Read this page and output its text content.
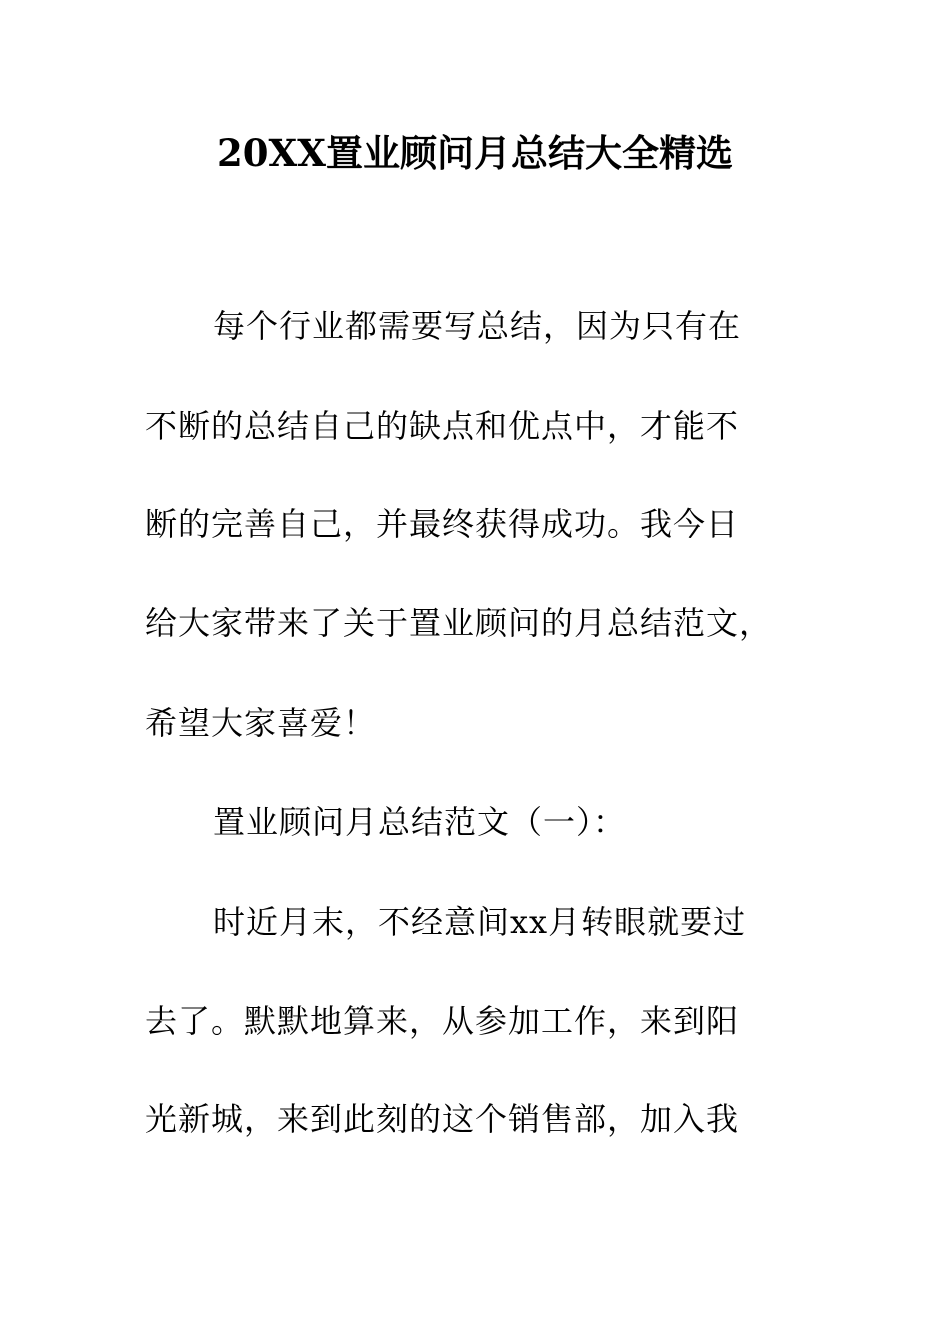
20XX置业顾问月总结大全精选
每个行业都需要写总结，因为只有在
不断的总结自己的缺点和优点中，才能不
断的完善自己，并最终获得成功。我今日
给大家带来了关于置业顾问的月总结范文，
希望大家喜爱！
置业顾问月总结范文（一）：
时近月末，不经意间xx月转眼就要过
去了。默默地算来，从参加工作，来到阳
光新城，来到此刻的这个销售部，加入我
